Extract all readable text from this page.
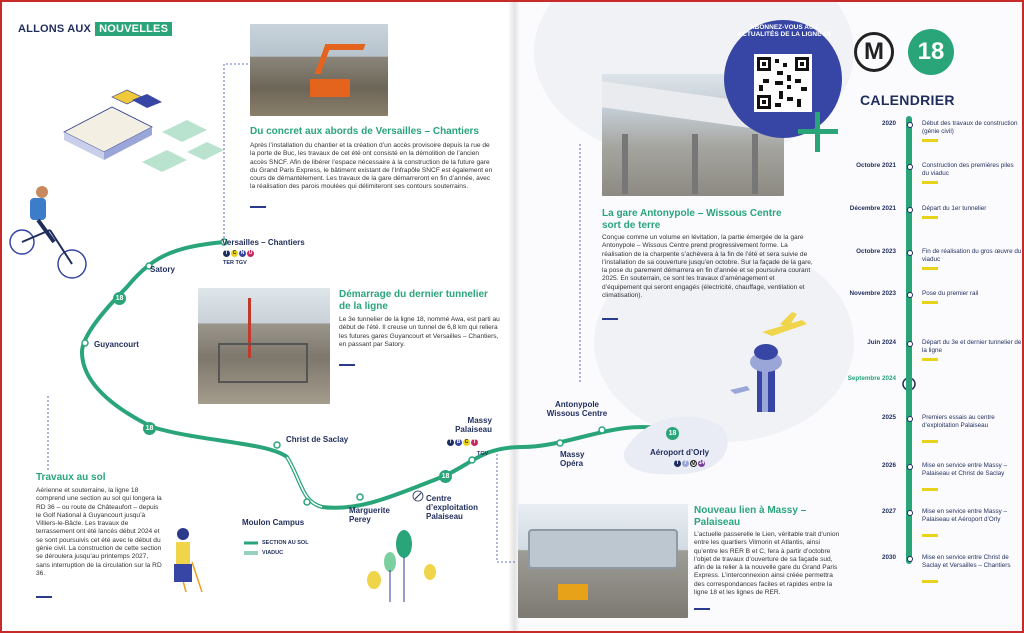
ALLONS AUX NOUVELLES
18
18
18
18
Versailles – Chantiers
T C N U
TER TGV
Satory
Guyancourt
Christ de Saclay
Moulon Campus
Marguerite Perey
Centre d’exploitation Palaiseau
Massy Palaiseau
T B C T
TGV	Massy Opéra
Antonypole Wissous Centre
Aéroport d’Orly
T	7 M 14
SECTION AU SOL
VIADUC
Du concret aux abords de Versailles – Chantiers
Après l’installation du chantier et la création d’un accès provisoire depuis la rue de la porte de Buc, les travaux de cet été ont consisté en la démolition de l’ancien accès SNCF. Afin de libérer l’espace nécessaire à la construction de la future gare du Grand Paris Express, le bâtiment existant de l’Infrapôle SNCF est également en cours de démantèlement. Les travaux de la gare démarreront en fin d’année, avec la réalisation des parois moulées qui délimiteront ses contours souterrains.
Démarrage du dernier tunnelier de la ligne
Le 3e tunnelier de la ligne 18, nommé Awa, est parti au début de l’été. Il creuse un tunnel de 6,8 km qui reliera les futures gares Guyancourt et Versailles – Chantiers, en passant par Satory.
Travaux au sol
Aérienne et souterraine, la ligne 18 comprend une section au sol qui longera la RD 36 – ou route de Châteaufort – depuis le Golf National à Guyancourt jusqu’à Villiers-le-Bâcle. Les travaux de terrassement ont été lancés début 2024 et se sont poursuivis cet été avec le début du génie civil. La construction de cette section se déroulera jusqu’au printemps 2027, sans interruption de la circulation sur la RD 36.
La gare Antonypole – Wissous Centre sort de terre
Conçue comme un volume en lévitation, la partie émergée de la gare Antonypole – Wissous Centre prend progressivement forme. La réalisation de la charpente s’achèvera à la fin de l’été et sera suivie de l’installation de sa couverture jusqu’en octobre. Sur la façade de la gare, la pose du parement démarrera en fin d’année et se poursuivra courant 2025. En souterrain, ce sont les travaux d’aménagement et d’équipement qui seront engagés (électricité, chauffage, ventilation et climatisation).
Nouveau lien à Massy – Palaiseau
L’actuelle passerelle le Lien, véritable trait d’union entre les quartiers Vilmorin et Atlantis, ainsi qu’entre les RER B et C, fera à partir d’octobre l’objet de travaux d’ouverture de sa façade sud, afin de la relier à la nouvelle gare du Grand Paris Express. L’interconnexion ainsi créée permettra des correspondances faciles et rapides entre la ligne 18 et les lignes de RER.
ABONNEZ-VOUS AUX ACTUALITÉS DE LA LIGNE 18
M	18
CALENDRIER
2020	Début des travaux de construction (génie civil)
Octobre 2021	Construction des premières piles du viaduc
Décembre 2021	Départ du 1er tunnelier
Octobre 2023	Fin de réalisation du gros œuvre du viaduc
Novembre 2023	Pose du premier rail
Juin 2024	Départ du 3e et dernier tunnelier de la ligne
Septembre 2024
2025	Premiers essais au centre d’exploitation Palaiseau
2026	Mise en service entre Massy – Palaiseau et Christ de Saclay
2027	Mise en service entre Massy – Palaiseau et Aéroport d’Orly
2030	Mise en service entre Christ de Saclay et Versailles – Chantiers
